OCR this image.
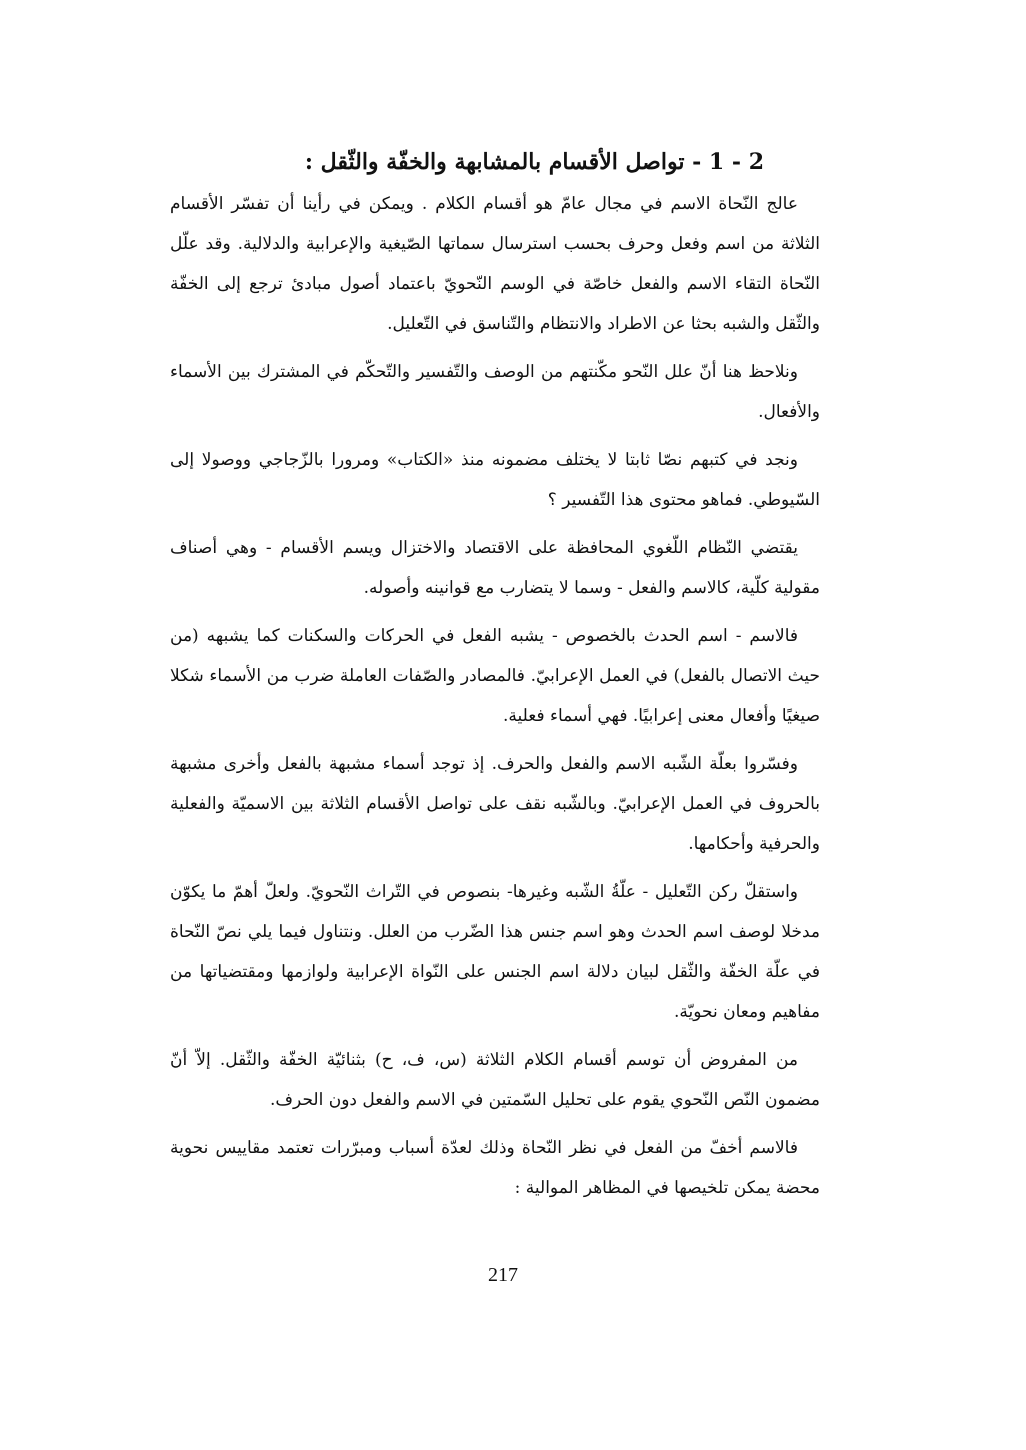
2 - 1 - تواصل الأقسام بالمشابهة والخفّة والثّقل :

عالج النّحاة الاسم في مجال عامّ هو أقسام الكلام . ويمكن في رأينا أن تفسّر الأقسام الثلاثة من اسم وفعل وحرف بحسب استرسال سماتها الصّيغية والإعرابية والدلالية. وقد علّل النّحاة التقاء الاسم والفعل خاصّة في الوسم النّحويّ باعتماد أصول مبادئ ترجع إلى الخفّة والثّقل والشبه بحثا عن الاطراد والانتظام والتّناسق في التّعليل.

ونلاحظ هنا أنّ علل النّحو مكّنتهم من الوصف والتّفسير والتّحكّم في المشترك بين الأسماء والأفعال.

ونجد في كتبهم نصّا ثابتا لا يختلف مضمونه منذ «الكتاب» ومرورا بالزّجاجي ووصولا إلى السّيوطي. فماهو محتوى هذا التّفسير ؟

يقتضي النّظام اللّغوي المحافظة على الاقتصاد والاختزال ويسم الأقسام - وهي أصناف مقولية كلّية، كالاسم والفعل - وسما لا يتضارب مع قوانينه وأصوله.

فالاسم - اسم الحدث بالخصوص - يشبه الفعل في الحركات والسكنات كما يشبهه (من حيث الاتصال بالفعل) في العمل الإعرابيّ. فالمصادر والصّفات العاملة ضرب من الأسماء شكلا صيغيًا وأفعال معنى إعرابيًا. فهي أسماء فعلية.

وفسّروا بعلّة الشّبه الاسم والفعل والحرف. إذ توجد أسماء مشبهة بالفعل وأخرى مشبهة بالحروف في العمل الإعرابيّ. وبالشّبه نقف على تواصل الأقسام الثلاثة بين الاسميّة والفعلية والحرفية وأحكامها.

واستقلّ ركن التّعليل - علّةُ الشّبه وغيرها- بنصوص في التّراث النّحويّ. ولعلّ أهمّ ما يكوّن مدخلا لوصف اسم الحدث وهو اسم جنس هذا الضّرب من العلل. ونتناول فيما يلي نصّ النّحاة في علّة الخفّة والثّقل لبيان دلالة اسم الجنس على النّواة الإعرابية ولوازمها ومقتضياتها من مفاهيم ومعان نحويّة.

من المفروض أن توسم أقسام الكلام الثلاثة (س، ف، ح) بثنائيّة الخفّة والثّقل. إلاّ أنّ مضمون النّص النّحوي يقوم على تحليل السّمتين في الاسم والفعل دون الحرف.

فالاسم أخفّ من الفعل في نظر النّحاة وذلك لعدّة أسباب ومبرّرات تعتمد مقاييس نحوية محضة يمكن تلخيصها في المظاهر الموالية :

217
